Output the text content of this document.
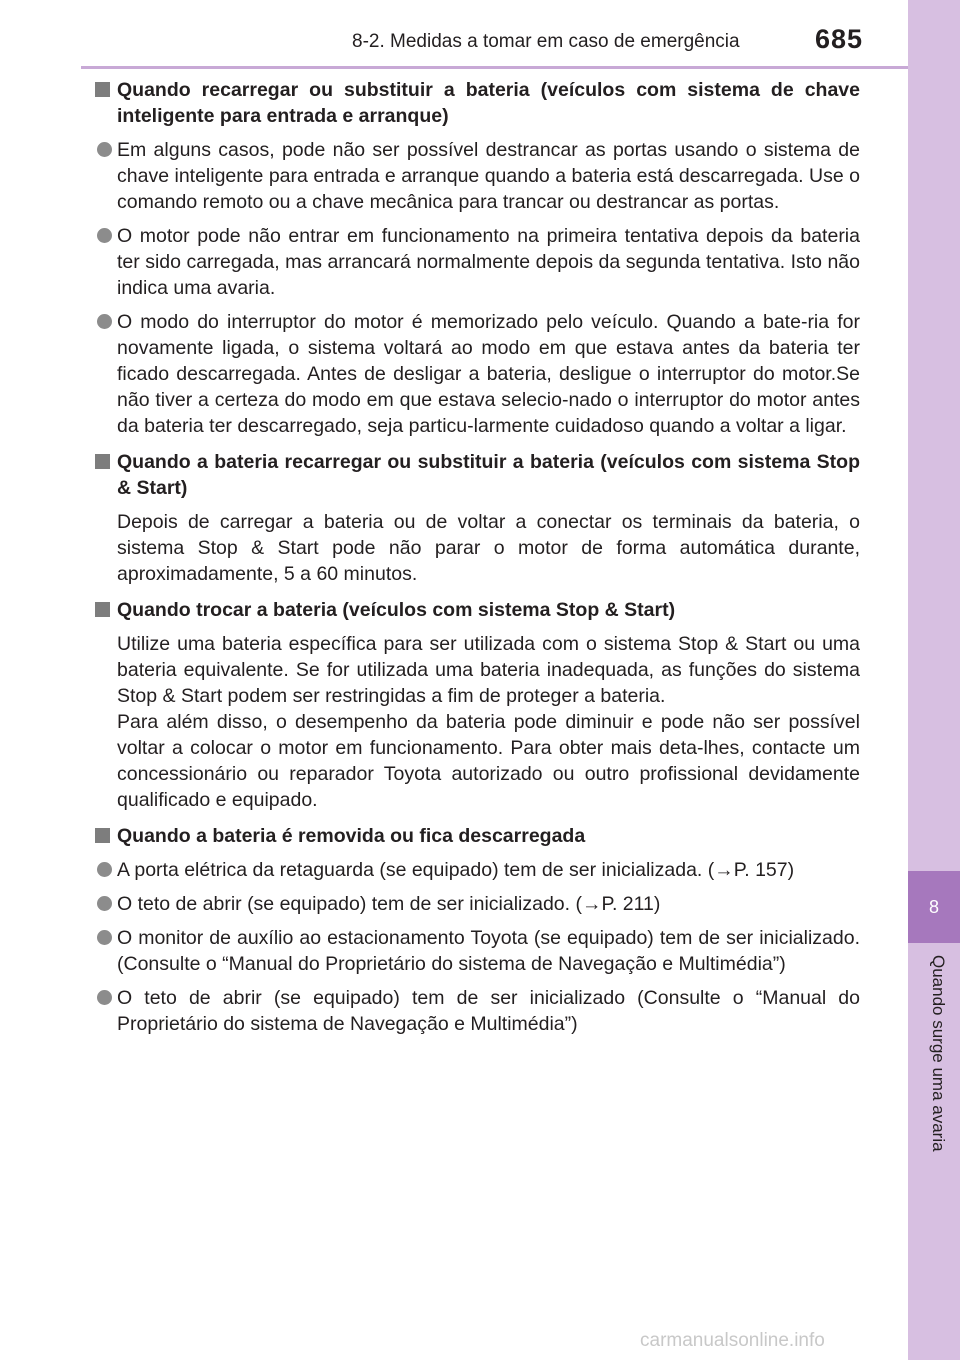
8
Quando surge uma avaria
8-2. Medidas a tomar em caso de emergência	685
Quando recarregar ou substituir a bateria (veículos com sistema de chave inteligente para entrada e arranque)
Em alguns casos, pode não ser possível destrancar as portas usando o sistema de chave inteligente para entrada e arranque quando a bateria está descarregada. Use o comando remoto ou a chave mecânica para trancar ou destrancar as portas.
O motor pode não entrar em funcionamento na primeira tentativa depois da bateria ter sido carregada, mas arrancará normalmente depois da segunda tentativa. Isto não indica uma avaria.
O modo do interruptor do motor é memorizado pelo veículo. Quando a bate-ria for novamente ligada, o sistema voltará ao modo em que estava antes da bateria ter ficado descarregada. Antes de desligar a bateria, desligue o interruptor do motor.Se não tiver a certeza do modo em que estava selecio-nado o interruptor do motor antes da bateria ter descarregado, seja particu-larmente cuidadoso quando a voltar a ligar.
Quando a bateria recarregar ou substituir a bateria (veículos com sistema Stop & Start)
Depois de carregar a bateria ou de voltar a conectar os terminais da bateria, o sistema Stop & Start pode não parar o motor de forma automática durante, aproximadamente, 5 a 60 minutos.
Quando trocar a bateria (veículos com sistema Stop & Start)
Utilize uma bateria específica para ser utilizada com o sistema Stop & Start ou uma bateria equivalente. Se for utilizada uma bateria inadequada, as funções do sistema Stop & Start podem ser restringidas a fim de proteger a bateria.
Para além disso, o desempenho da bateria pode diminuir e pode não ser possível voltar a colocar o motor em funcionamento. Para obter mais deta-lhes, contacte um concessionário ou reparador Toyota autorizado ou outro profissional devidamente qualificado e equipado.
Quando a bateria é removida ou fica descarregada
A porta elétrica da retaguarda (se equipado) tem de ser inicializada. (→P. 157)
O teto de abrir (se equipado) tem de ser inicializado. (→P. 211)
O monitor de auxílio ao estacionamento Toyota (se equipado) tem de ser inicializado. (Consulte o “Manual do Proprietário do sistema de Navegação e Multimédia”)
O teto de abrir (se equipado) tem de ser inicializado (Consulte o “Manual do Proprietário do sistema de Navegação e Multimédia”)
carmanualsonline.info
